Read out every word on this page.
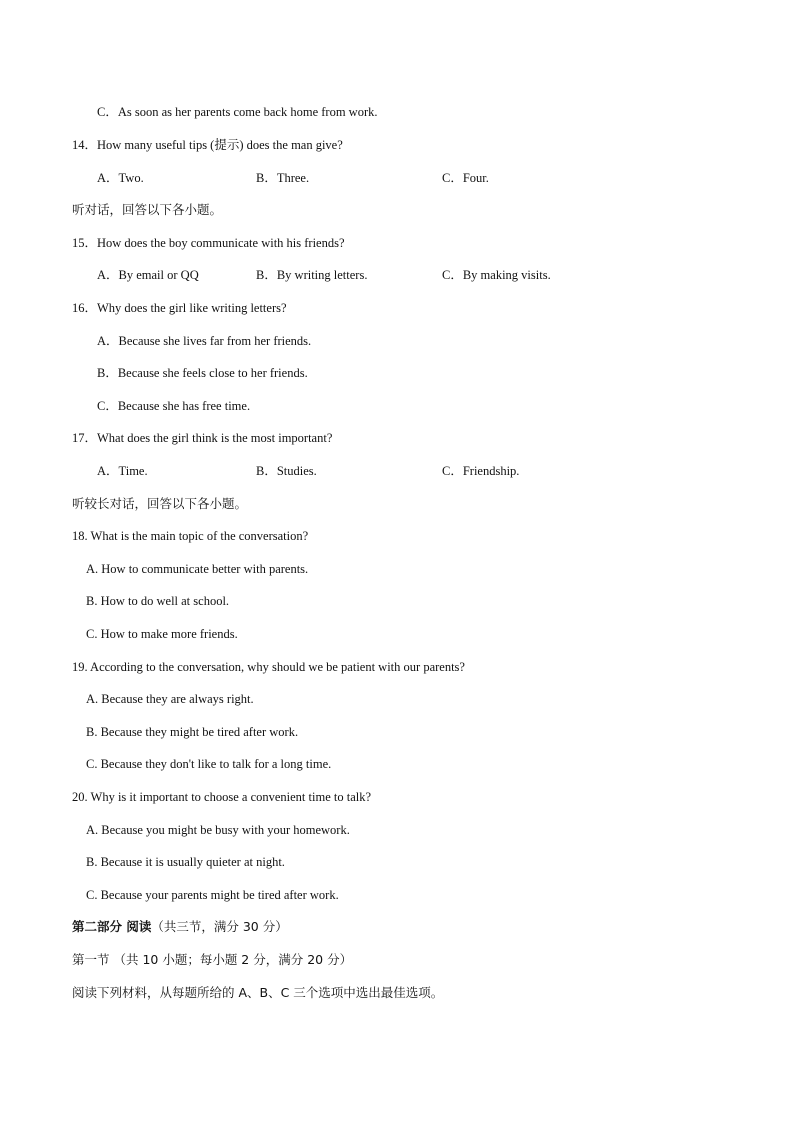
C．As soon as her parents come back home from work.
14．How many useful tips (提示) does the man give?
A．Two.	B．Three.	C．Four.
听对话，回答以下各小题。
15．How does the boy communicate with his friends?
A．By email or QQ	B．By writing letters.	C．By making visits.
16．Why does the girl like writing letters?
A．Because she lives far from her friends.
B．Because she feels close to her friends.
C．Because she has free time.
17．What does the girl think is the most important?
A．Time.	B．Studies.	C．Friendship.
听较长对话，回答以下各小题。
18. What is the main topic of the conversation?
A. How to communicate better with parents.
B. How to do well at school.
C. How to make more friends.
19. According to the conversation, why should we be patient with our parents?
A. Because they are always right.
B. Because they might be tired after work.
C. Because they don't like to talk for a long time.
20. Why is it important to choose a convenient time to talk?
A. Because you might be busy with your homework.
B. Because it is usually quieter at night.
C. Because your parents might be tired after work.
第二部分 阅读（共三节，满分 30 分）
第一节 （共 10 小题；每小题 2 分，满分 20 分）
阅读下列材料，从每题所给的 A、B、C 三个选项中选出最佳选项。
